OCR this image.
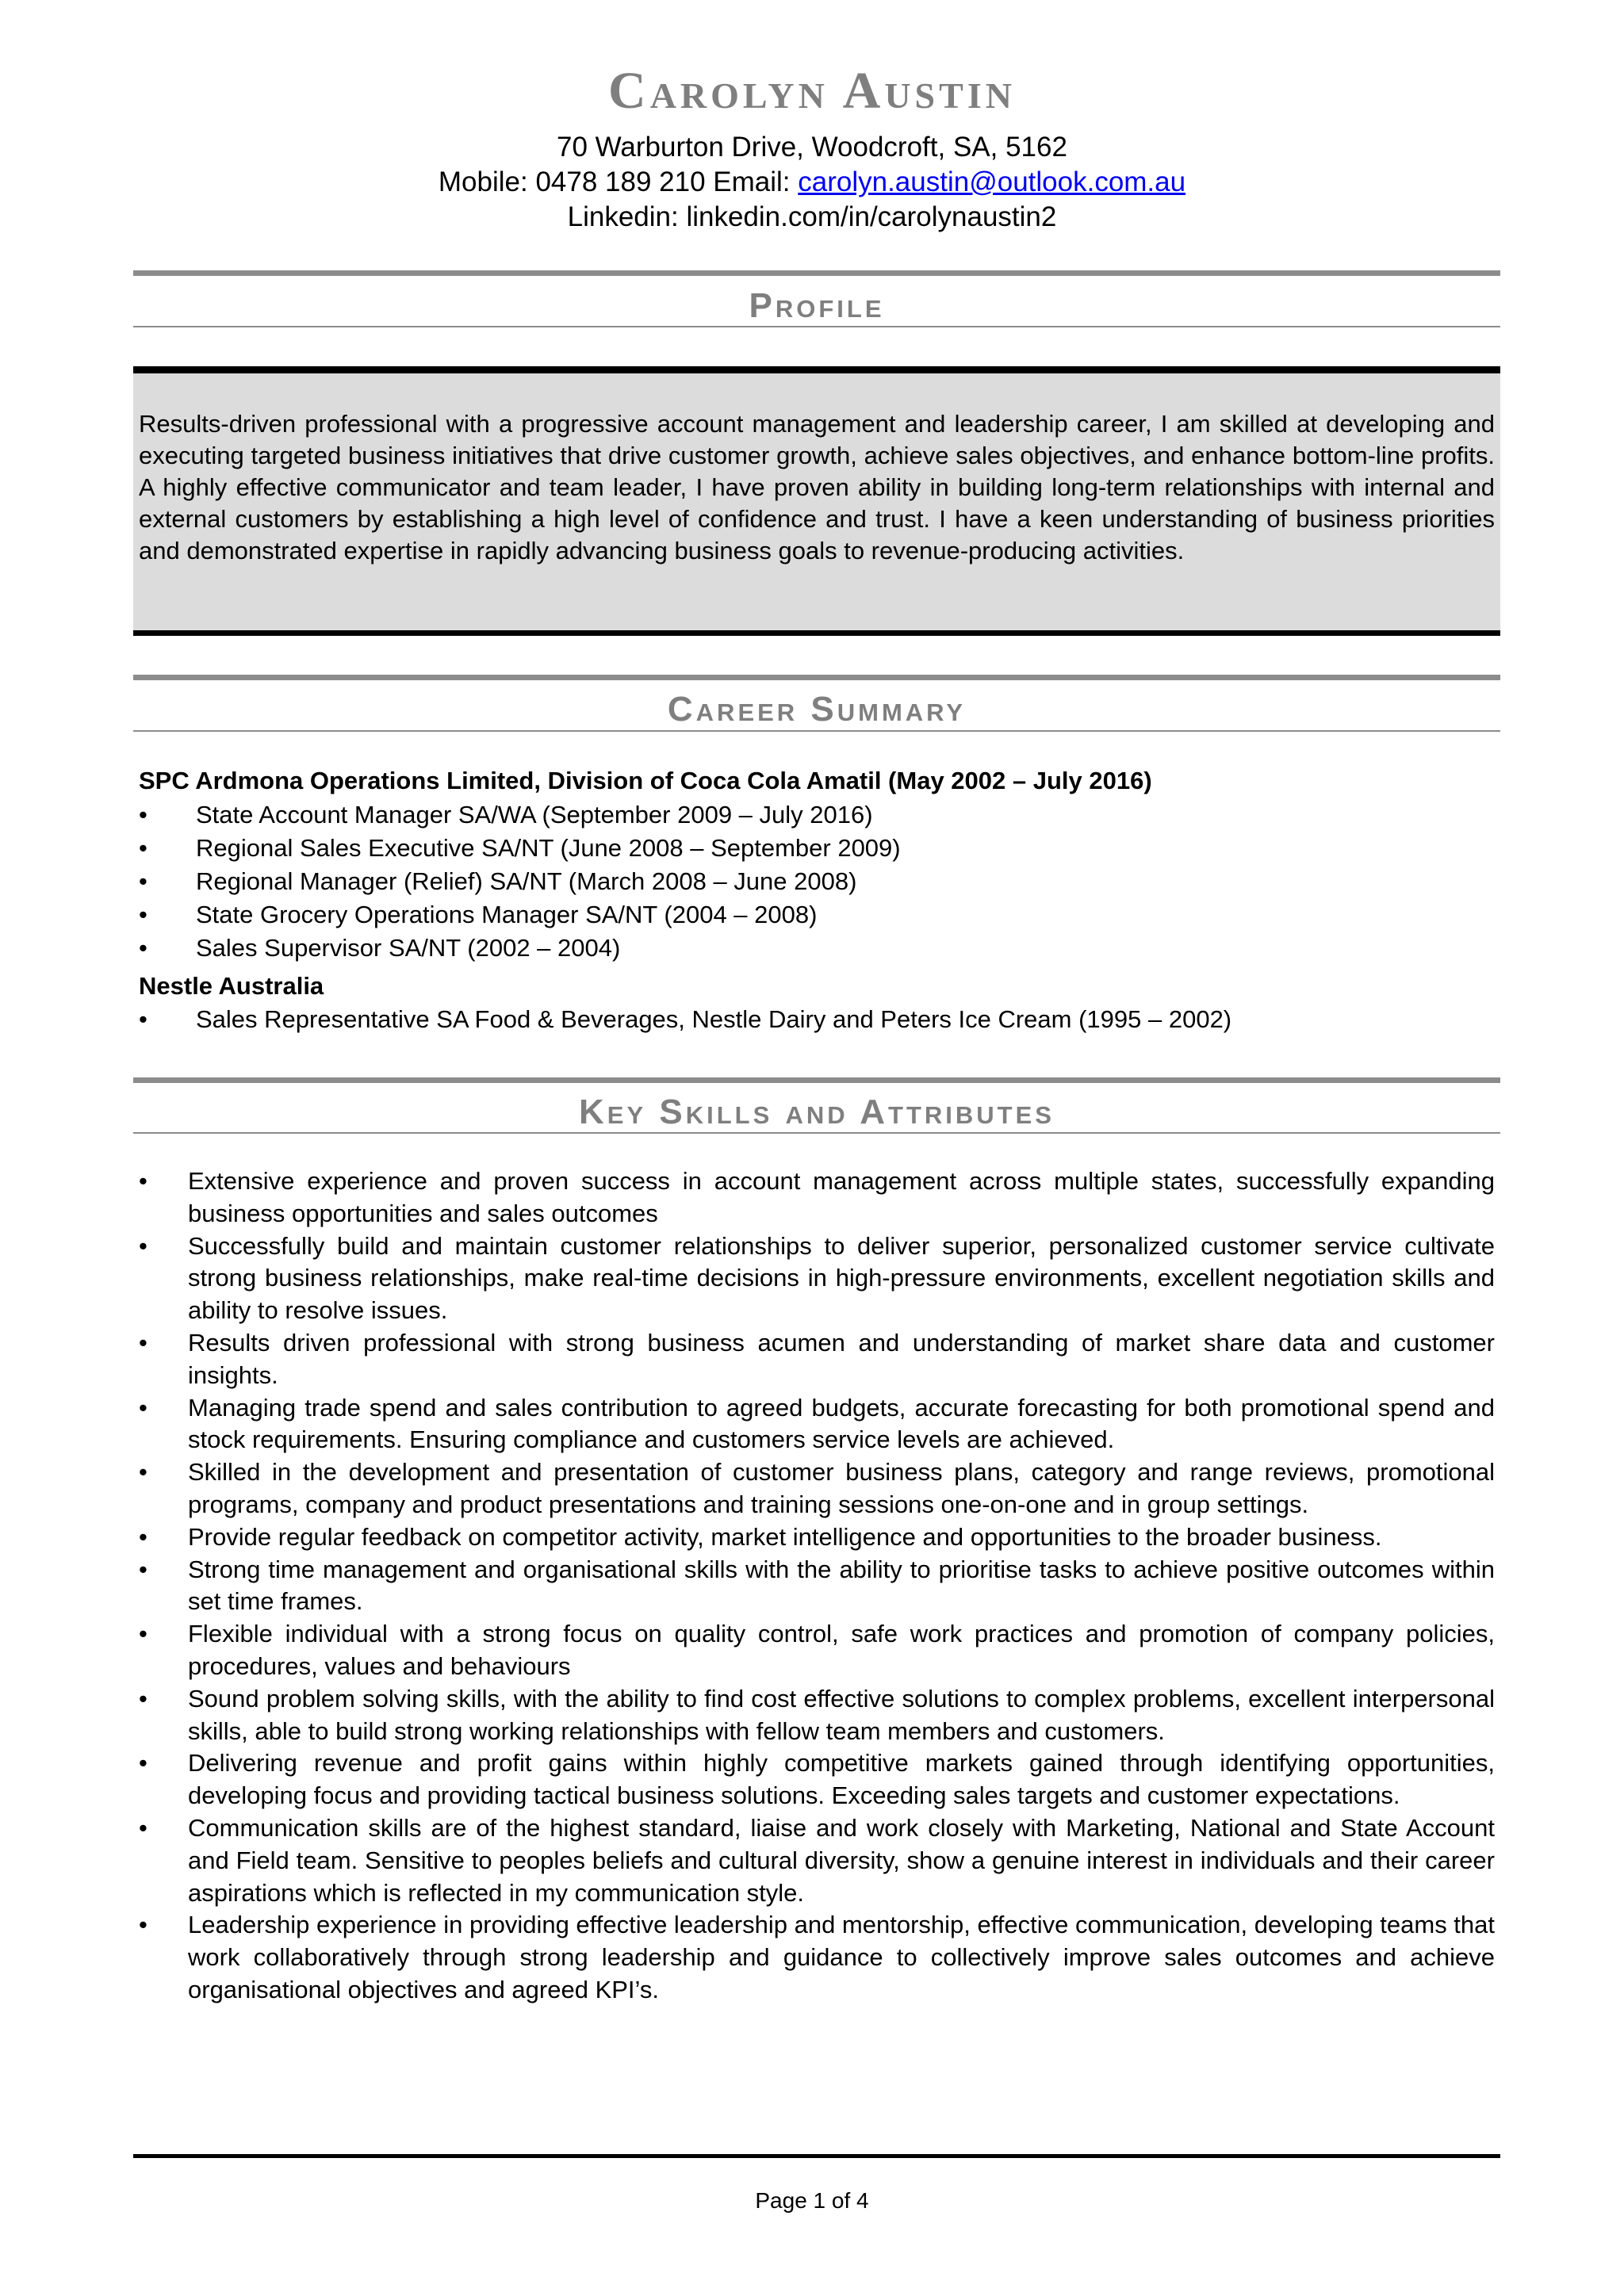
Carolyn Austin
70 Warburton Drive, Woodcroft, SA, 5162
Mobile: 0478 189 210 Email: carolyn.austin@outlook.com.au
Linkedin: linkedin.com/in/carolynaustin2
Profile
Results-driven professional with a progressive account management and leadership career, I am skilled at developing and executing targeted business initiatives that drive customer growth, achieve sales objectives, and enhance bottom-line profits. A highly effective communicator and team leader, I have proven ability in building long-term relationships with internal and external customers by establishing a high level of confidence and trust. I have a keen understanding of business priorities and demonstrated expertise in rapidly advancing business goals to revenue-producing activities.
Career Summary
SPC Ardmona Operations Limited, Division of Coca Cola Amatil (May 2002 – July 2016)
• State Account Manager SA/WA (September 2009 – July 2016)
• Regional Sales Executive SA/NT (June 2008 – September 2009)
• Regional Manager (Relief) SA/NT (March 2008 – June 2008)
• State Grocery Operations Manager SA/NT (2004 – 2008)
• Sales Supervisor SA/NT (2002 – 2004)
Nestle Australia
• Sales Representative SA Food & Beverages, Nestle Dairy and Peters Ice Cream (1995 – 2002)
Key Skills and Attributes
• Extensive experience and proven success in account management across multiple states, successfully expanding business opportunities and sales outcomes
• Successfully build and maintain customer relationships to deliver superior, personalized customer service cultivate strong business relationships, make real-time decisions in high-pressure environments, excellent negotiation skills and ability to resolve issues.
• Results driven professional with strong business acumen and understanding of market share data and customer insights.
• Managing trade spend and sales contribution to agreed budgets, accurate forecasting for both promotional spend and stock requirements. Ensuring compliance and customers service levels are achieved.
• Skilled in the development and presentation of customer business plans, category and range reviews, promotional programs, company and product presentations and training sessions one-on-one and in group settings.
• Provide regular feedback on competitor activity, market intelligence and opportunities to the broader business.
• Strong time management and organisational skills with the ability to prioritise tasks to achieve positive outcomes within set time frames.
• Flexible individual with a strong focus on quality control, safe work practices and promotion of company policies, procedures, values and behaviours
• Sound problem solving skills, with the ability to find cost effective solutions to complex problems, excellent interpersonal skills, able to build strong working relationships with fellow team members and customers.
• Delivering revenue and profit gains within highly competitive markets gained through identifying opportunities, developing focus and providing tactical business solutions. Exceeding sales targets and customer expectations.
• Communication skills are of the highest standard, liaise and work closely with Marketing, National and State Account and Field team. Sensitive to peoples beliefs and cultural diversity, show a genuine interest in individuals and their career aspirations which is reflected in my communication style.
• Leadership experience in providing effective leadership and mentorship, effective communication, developing teams that work collaboratively through strong leadership and guidance to collectively improve sales outcomes and achieve organisational objectives and agreed KPI’s.
Page 1 of 4
